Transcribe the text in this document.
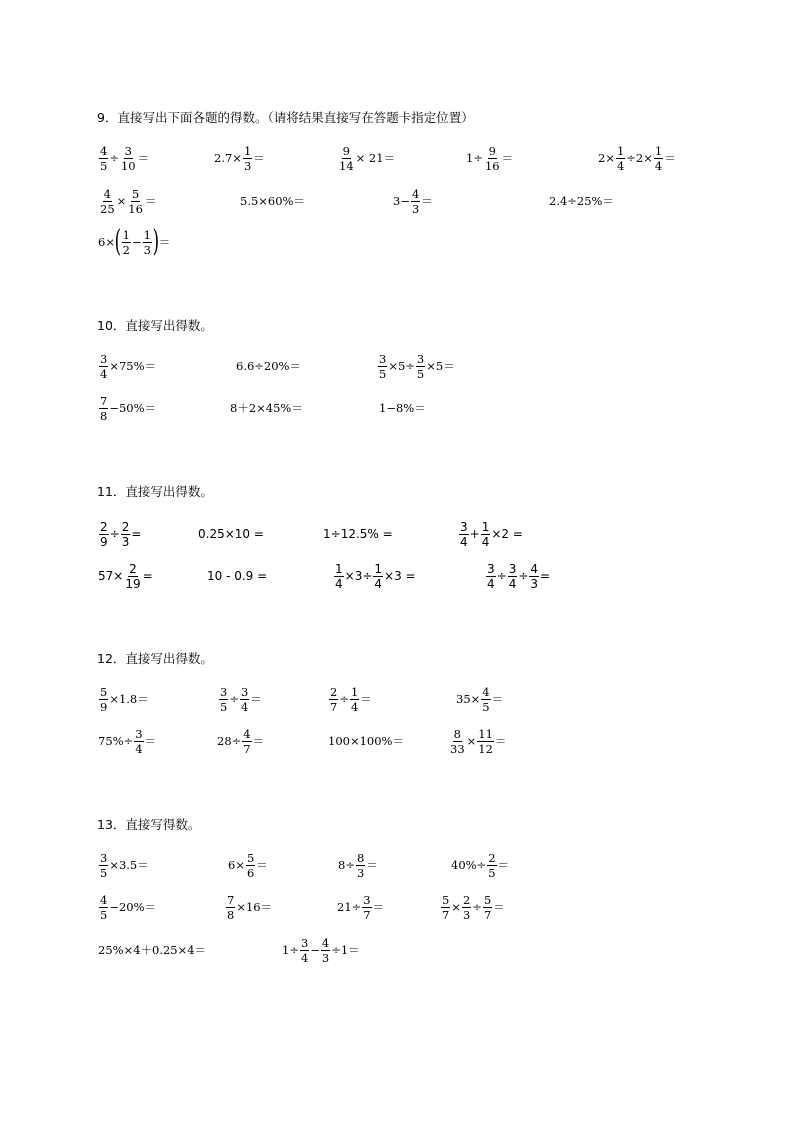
9．直接写出下面各题的得数。（请将结果直接写在答题卡指定位置）
$\frac{4}{5} \div \frac{3}{10}$ ＝	$2.7\times \frac{1}{3}$ ＝	$\frac{9}{14} \times 21=$	$1\div \frac{9}{16}$ ＝	$2\times \frac{1}{4} \div 2\times \frac{1}{4}$ ＝
$\frac{4}{25} \times \frac{5}{16}$ ＝	5.5×60%＝	$3- \frac{4}{3}$ ＝	2.4÷25%＝
6× ( $\frac{1}{2} - \frac{1}{3}$ ) ＝
10．直接写出得数。
$\frac{3}{4} \times 75\%=$	6.6÷20%＝	$\frac{3}{5} \times 5\div \frac{3}{5} \times 5=$
$\frac{7}{8} -50\%=$	8＋2×45%＝	1−8%＝
11．直接写出得数。
$\frac{2}{9} \div \frac{2}{3}$ =	0.25×10 =	1÷12.5% =	$\frac{3}{4} + \frac{1}{4} \times 2$ =
$57\times \frac{2}{19}$ =	10 - 0.9 =	$\frac{1}{4} \times 3\div \frac{1}{4} \times 3$ =	$\frac{3}{4} \div \frac{3}{4} \div \frac{4}{3}$ =
12．直接写出得数。
$\frac{5}{9} \times 1.8=$	$\frac{3}{5} \div \frac{3}{4}$ ＝	$\frac{2}{7} \div \frac{1}{4}$ ＝	$35\times \frac{4}{5}$ ＝
$75\%\div \frac{3}{4}$ ＝	$28\div \frac{4}{7}$ ＝	100×100%＝	$\frac{8}{33} \times \frac{11}{12}$ ＝
13．直接写得数。
$\frac{3}{5} \times 3.5=$	$6\times \frac{5}{6}$ ＝	$8\div \frac{8}{3}$ ＝	$40\%\div \frac{2}{5}$ ＝
$\frac{4}{5} -20\%=$	$\frac{7}{8} \times 16=$	$21\div \frac{3}{7}$ ＝	$\frac{5}{7} \times \frac{2}{3} \div \frac{5}{7}$ ＝
25%×4＋0.25×4＝	$1\div \frac{3}{4} - \frac{4}{3} \div 1=$
